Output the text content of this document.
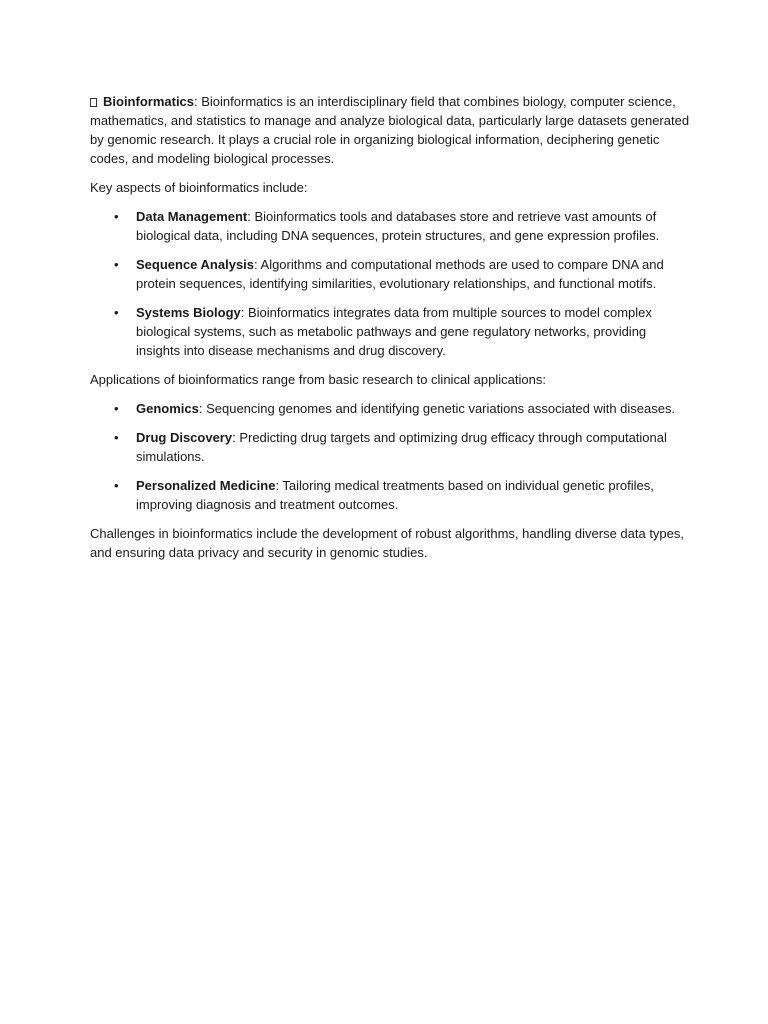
Bioinformatics: Bioinformatics is an interdisciplinary field that combines biology, computer science, mathematics, and statistics to manage and analyze biological data, particularly large datasets generated by genomic research. It plays a crucial role in organizing biological information, deciphering genetic codes, and modeling biological processes.

Key aspects of bioinformatics include:

• Data Management: Bioinformatics tools and databases store and retrieve vast amounts of biological data, including DNA sequences, protein structures, and gene expression profiles.
• Sequence Analysis: Algorithms and computational methods are used to compare DNA and protein sequences, identifying similarities, evolutionary relationships, and functional motifs.
• Systems Biology: Bioinformatics integrates data from multiple sources to model complex biological systems, such as metabolic pathways and gene regulatory networks, providing insights into disease mechanisms and drug discovery.

Applications of bioinformatics range from basic research to clinical applications:

• Genomics: Sequencing genomes and identifying genetic variations associated with diseases.
• Drug Discovery: Predicting drug targets and optimizing drug efficacy through computational simulations.
• Personalized Medicine: Tailoring medical treatments based on individual genetic profiles, improving diagnosis and treatment outcomes.

Challenges in bioinformatics include the development of robust algorithms, handling diverse data types, and ensuring data privacy and security in genomic studies.
